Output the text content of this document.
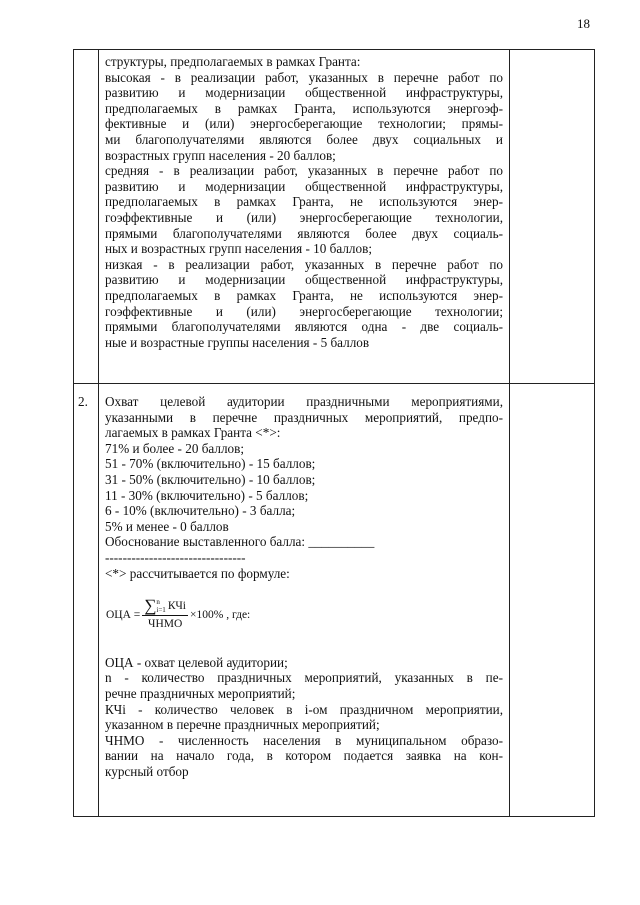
18
структуры, предполагаемых в рамках Гранта:
высокая - в реализации работ, указанных в перечне работ по
развитию и модернизации общественной инфраструктуры,
предполагаемых в рамках Гранта, используются энергоэф-
фективные и (или) энергосберегающие технологии; прямы-
ми благополучателями являются более двух социальных и
возрастных групп населения - 20 баллов;
средняя - в реализации работ, указанных в перечне работ по
развитию и модернизации общественной инфраструктуры,
предполагаемых в рамках Гранта, не используются энер-
гоэффективные и (или) энергосберегающие технологии,
прямыми благополучателями являются более двух социаль-
ных и возрастных групп населения - 10 баллов;
низкая - в реализации работ, указанных в перечне работ по
развитию и модернизации общественной инфраструктуры,
предполагаемых в рамках Гранта, не используются энер-
гоэффективные и (или) энергосберегающие технологии;
прямыми благополучателями являются одна - две социаль-
ные и возрастные группы населения - 5 баллов
2. Охват целевой аудитории праздничными мероприятиями,
указанными в перечне праздничных мероприятий, предпо-
лагаемых в рамках Гранта <*>:
71% и более - 20 баллов;
51 - 70% (включительно) - 15 баллов;
31 - 50% (включительно) - 10 баллов;
11 - 30% (включительно) - 5 баллов;
6 - 10% (включительно) - 3 балла;
5% и менее - 0 баллов
Обоснование выставленного балла: __________
--------------------------------
<*> рассчитывается по формуле:
ОЦА = ∑ n
i=1 КЧi
ЧНМО
×100% , где:
ОЦА - охват целевой аудитории;
n - количество праздничных мероприятий, указанных в пе-
речне праздничных мероприятий;
КЧi - количество человек в i-ом праздничном мероприятии,
указанном в перечне праздничных мероприятий;
ЧНМО - численность населения в муниципальном образо-
вании на начало года, в котором подается заявка на кон-
курсный отбор
